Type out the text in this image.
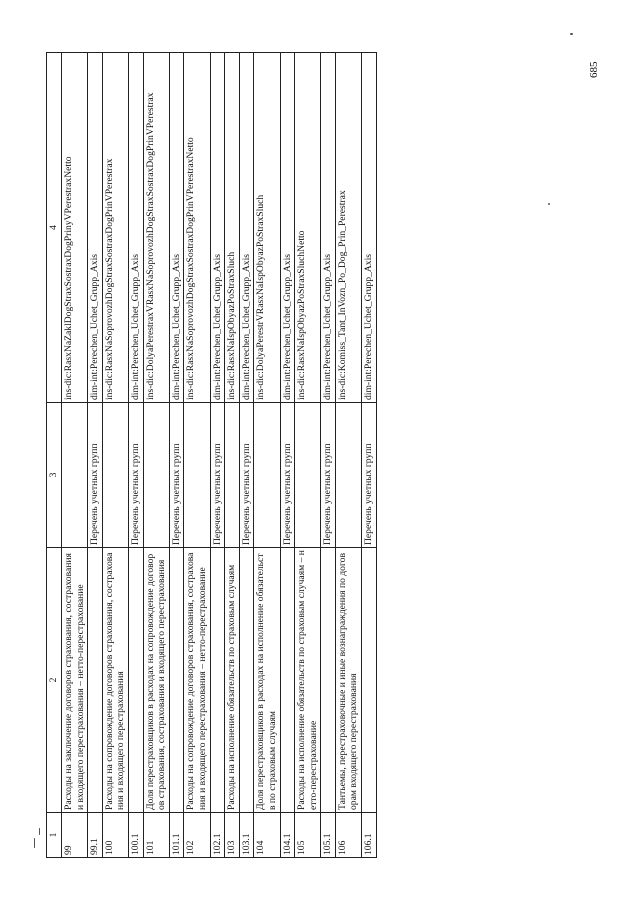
1	2	3	4
99	Расходы на заключение договоров страхования, сострахования и входящего перестрахования – нетто-перестрахование		ins-dic:RasxNaZaklDogStraxSostraxDogPrinyVPerestraxNetto
99.1		Перечень учетных групп	dim-int:Perechen_Uchet_Grupp_Axis
100	Расходы на сопровождение договоров страхования, сострахования и входящего перестрахования		ins-dic:RasxNaSoprovozhDogStraxSostraxDogPrinVPerestrax
100.1		Перечень учетных групп	dim-int:Perechen_Uchet_Grupp_Axis
101	Доля перестраховщиков в расходах на сопровождение договоров страхования, сострахования и входящего перестрахования		ins-dic:DolyaPerestraxVRasxNaSoprovozhDogStraxSostraxDogPrinVPerestrax
101.1		Перечень учетных групп	dim-int:Perechen_Uchet_Grupp_Axis
102	Расходы на сопровождение договоров страхования, сострахования и входящего перестрахования – нетто-перестрахование		ins-dic:RasxNaSoprovozhDogStraxSostraxDogPrinVPerestraxNetto
102.1		Перечень учетных групп	dim-int:Perechen_Uchet_Grupp_Axis
103	Расходы на исполнение обязательств по страховым случаям		ins-dic:RasxNaIspObyazPoStraxSluch
103.1		Перечень учетных групп	dim-int:Perechen_Uchet_Grupp_Axis
104	Доля перестраховщиков в расходах на исполнение обязательств по страховым случаям		ins-dic:DolyaPerestrVRasxNaIspObyazPoStraxSluch
104.1		Перечень учетных групп	dim-int:Perechen_Uchet_Grupp_Axis
105	Расходы на исполнение обязательств по страховым случаям – нетто-перестрахование		ins-dic:RasxNaIspObyazPoStraxSluchNetto
105.1		Перечень учетных групп	dim-int:Perechen_Uchet_Grupp_Axis
106	Тантьемы, перестраховочные и иные вознаграждения по договорам входящего перестрахования		ins-dic:Komiss_Tant_InVozn_Po_Dog_Prin_Perestrax
106.1		Перечень учетных групп	dim-int:Perechen_Uchet_Grupp_Axis
685
